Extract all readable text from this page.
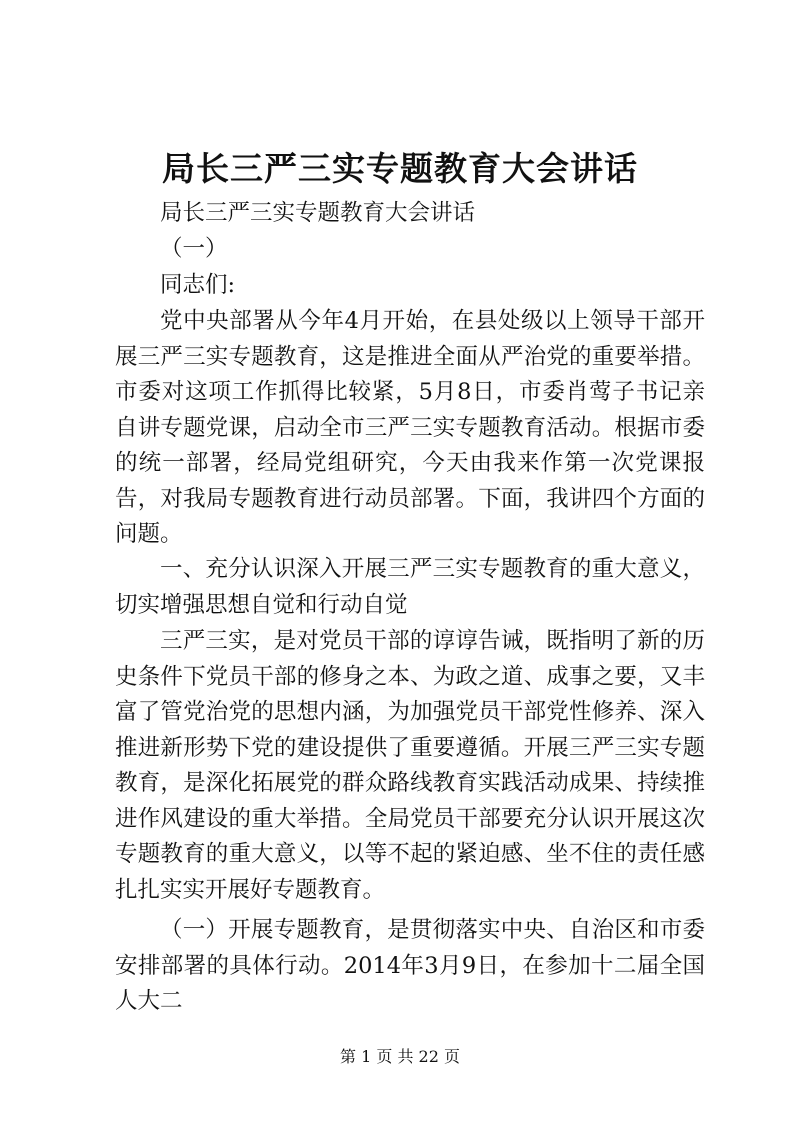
局长三严三实专题教育大会讲话
局长三严三实专题教育大会讲话
（一）
同志们:

党中央部署从今年4月开始，在县处级以上领导干部开展三严三实专题教育，这是推进全面从严治党的重要举措。市委对这项工作抓得比较紧，5月8日，市委肖莺子书记亲自讲专题党课，启动全市三严三实专题教育活动。根据市委的统一部署，经局党组研究，今天由我来作第一次党课报告，对我局专题教育进行动员部署。下面，我讲四个方面的问题。

一、充分认识深入开展三严三实专题教育的重大意义，切实增强思想自觉和行动自觉

三严三实，是对党员干部的谆谆告诫，既指明了新的历史条件下党员干部的修身之本、为政之道、成事之要，又丰富了管党治党的思想内涵，为加强党员干部党性修养、深入推进新形势下党的建设提供了重要遵循。开展三严三实专题教育，是深化拓展党的群众路线教育实践活动成果、持续推进作风建设的重大举措。全局党员干部要充分认识开展这次专题教育的重大意义，以等不起的紧迫感、坐不住的责任感扎扎实实开展好专题教育。

（一）开展专题教育，是贯彻落实中央、自治区和市委安排部署的具体行动。2014年3月9日，在参加十二届全国人大二

第 1 页 共 22 页
